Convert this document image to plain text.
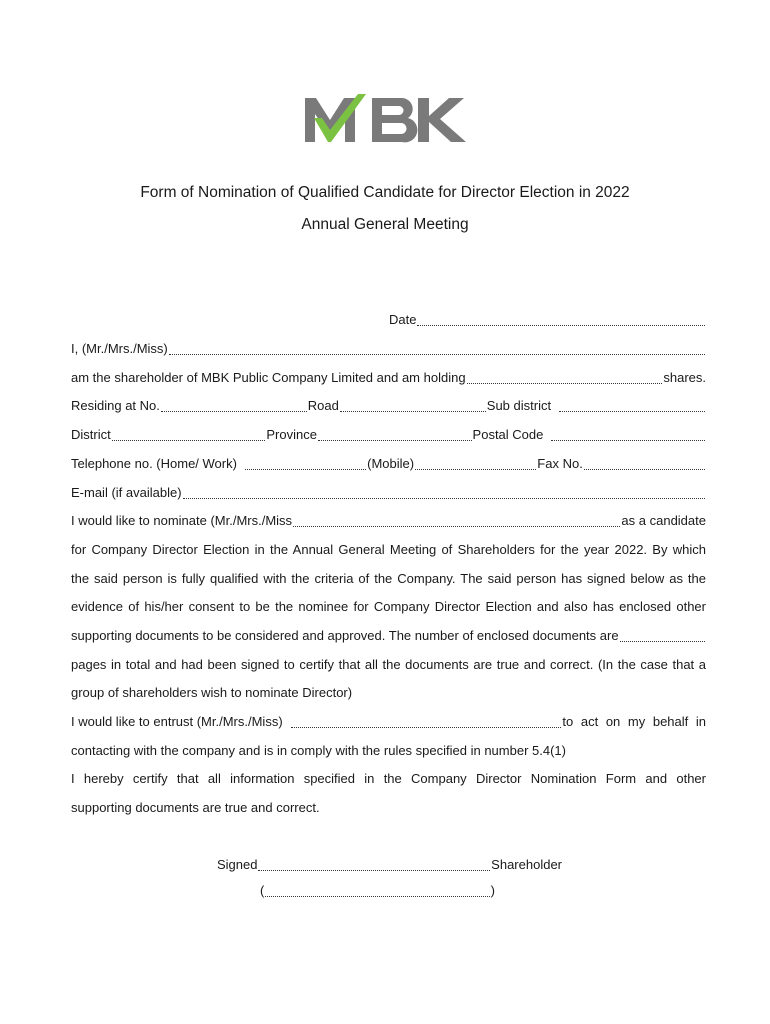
Form of Nomination of Qualified Candidate for Director Election in 2022
Annual General Meeting
Date
I, (Mr./Mrs./Miss)
am the shareholder of MBK Public Company Limited and am holding	shares.
Residing at No.	Road	Sub district
District	Province	Postal Code
Telephone no. (Home/ Work)	(Mobile)	Fax No.
E-mail (if available)
I would like to nominate (Mr./Mrs./Miss	as a candidate
for Company Director Election in the Annual General Meeting of Shareholders for the year 2022. By which
the said person is fully qualified with the criteria of the Company. The said person has signed below as the
evidence of his/her consent to be the nominee for Company Director Election and also has enclosed other
supporting documents to be considered and approved. The number of enclosed documents are
pages in total and had been signed to certify that all the documents are true and correct. (In the case that a
group of shareholders wish to nominate Director)
I would like to entrust (Mr./Mrs./Miss)	to act on my behalf in
contacting with the company and is in comply with the rules specified in number 5.4(1)
I hereby certify that all information specified in the Company Director Nomination Form and other
supporting documents are true and correct.
Signed	Shareholder
(	)
